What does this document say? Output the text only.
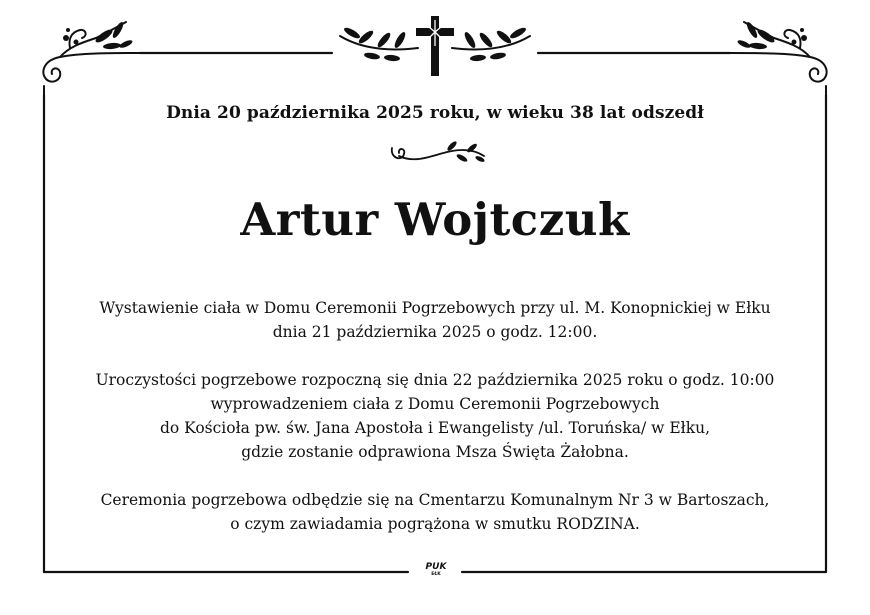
Dnia 20 października 2025 roku, w wieku 38 lat odszedł
Artur Wojtczuk
Wystawienie ciała w Domu Ceremonii Pogrzebowych przy ul. M. Konopnickiej w Ełku
dnia 21 października 2025 o godz. 12:00.
Uroczystości pogrzebowe rozpoczną się dnia 22 października 2025 roku o godz. 10:00
wyprowadzeniem ciała z Domu Ceremonii Pogrzebowych
do Kościoła pw. św. Jana Apostoła i Ewangelisty /ul. Toruńska/ w Ełku,
gdzie zostanie odprawiona Msza Święta Żałobna.
Ceremonia pogrzebowa odbędzie się na Cmentarzu Komunalnym Nr 3 w Bartoszach,
o czym zawiadamia pogrążona w smutku RODZINA.
PUK
EŁK
